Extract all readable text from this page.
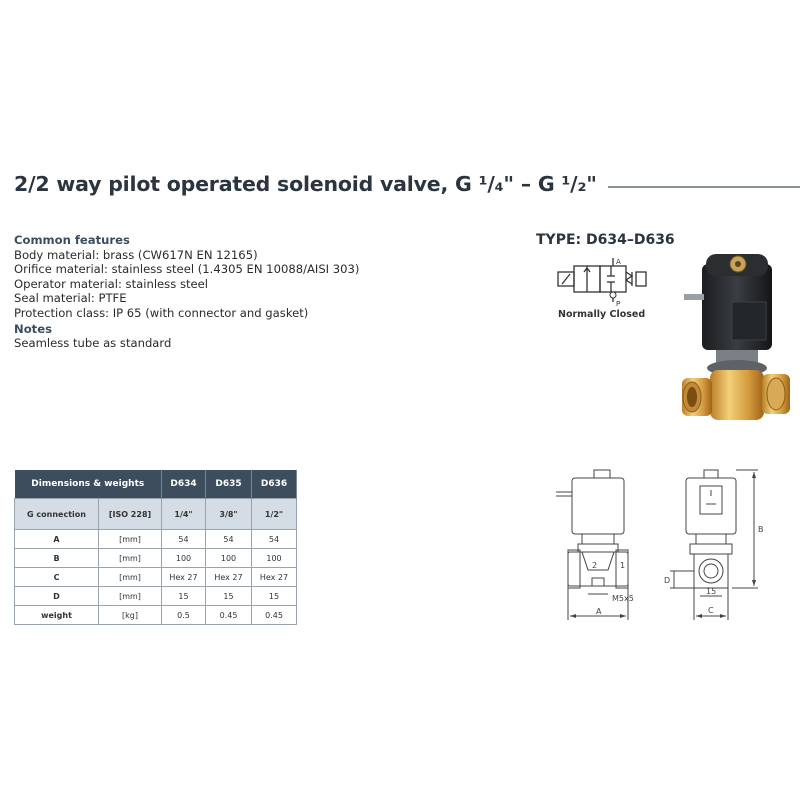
2/2 way pilot operated solenoid valve, G ¹/₄" – G ¹/₂"
Common features
Body material: brass (CW617N EN 12165)
Orifice material: stainless steel (1.4305 EN 10088/AISI 303)
Operator material: stainless steel
Seal material: PTFE
Protection class: IP 65 (with connector and gasket)
Notes
Seamless tube as standard
TYPE: D634–D636
A
P
Normally Closed
Dimensions & weights		D634	D635	D636
G connection	[ISO 228]	1/4"	3/8"	1/2"
A	[mm]	54	54	54
B	[mm]	100	100	100
C	[mm]	Hex 27	Hex 27	Hex 27
D	[mm]	15	15	15
weight	[kg]	0.5	0.45	0.45
2	1
M5x5
A
15
C
D
B
